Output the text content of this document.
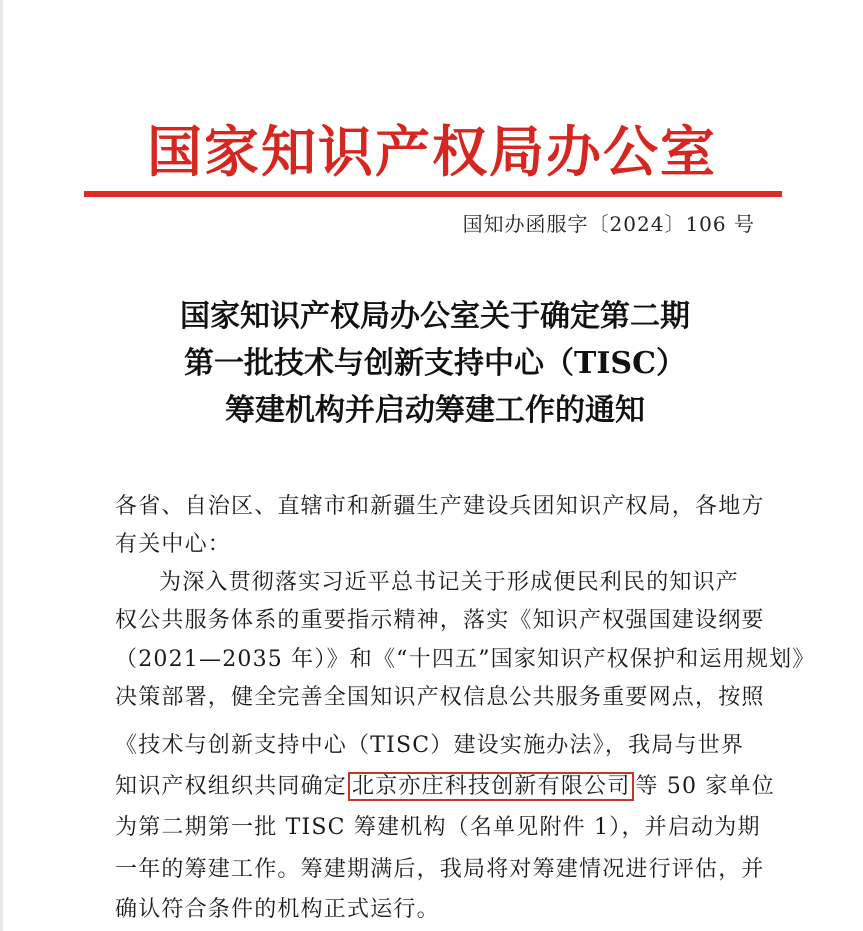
国家知识产权局办公室
国知办函服字〔2024〕106 号
国家知识产权局办公室关于确定第二期
第一批技术与创新支持中心（TISC）
筹建机构并启动筹建工作的通知
各省、自治区、直辖市和新疆生产建设兵团知识产权局，各地方
有关中心：
为深入贯彻落实习近平总书记关于形成便民利民的知识产
权公共服务体系的重要指示精神，落实《知识产权强国建设纲要
（2021—2035 年）》和《“十四五”国家知识产权保护和运用规划》
决策部署，健全完善全国知识产权信息公共服务重要网点，按照
《技术与创新支持中心（TISC）建设实施办法》，我局与世界
知识产权组织共同确定 北京亦庄科技创新有限公司 等 50 家单位
为第二期第一批 TISC 筹建机构（名单见附件 1），并启动为期
一年的筹建工作。筹建期满后，我局将对筹建情况进行评估，并
确认符合条件的机构正式运行。
